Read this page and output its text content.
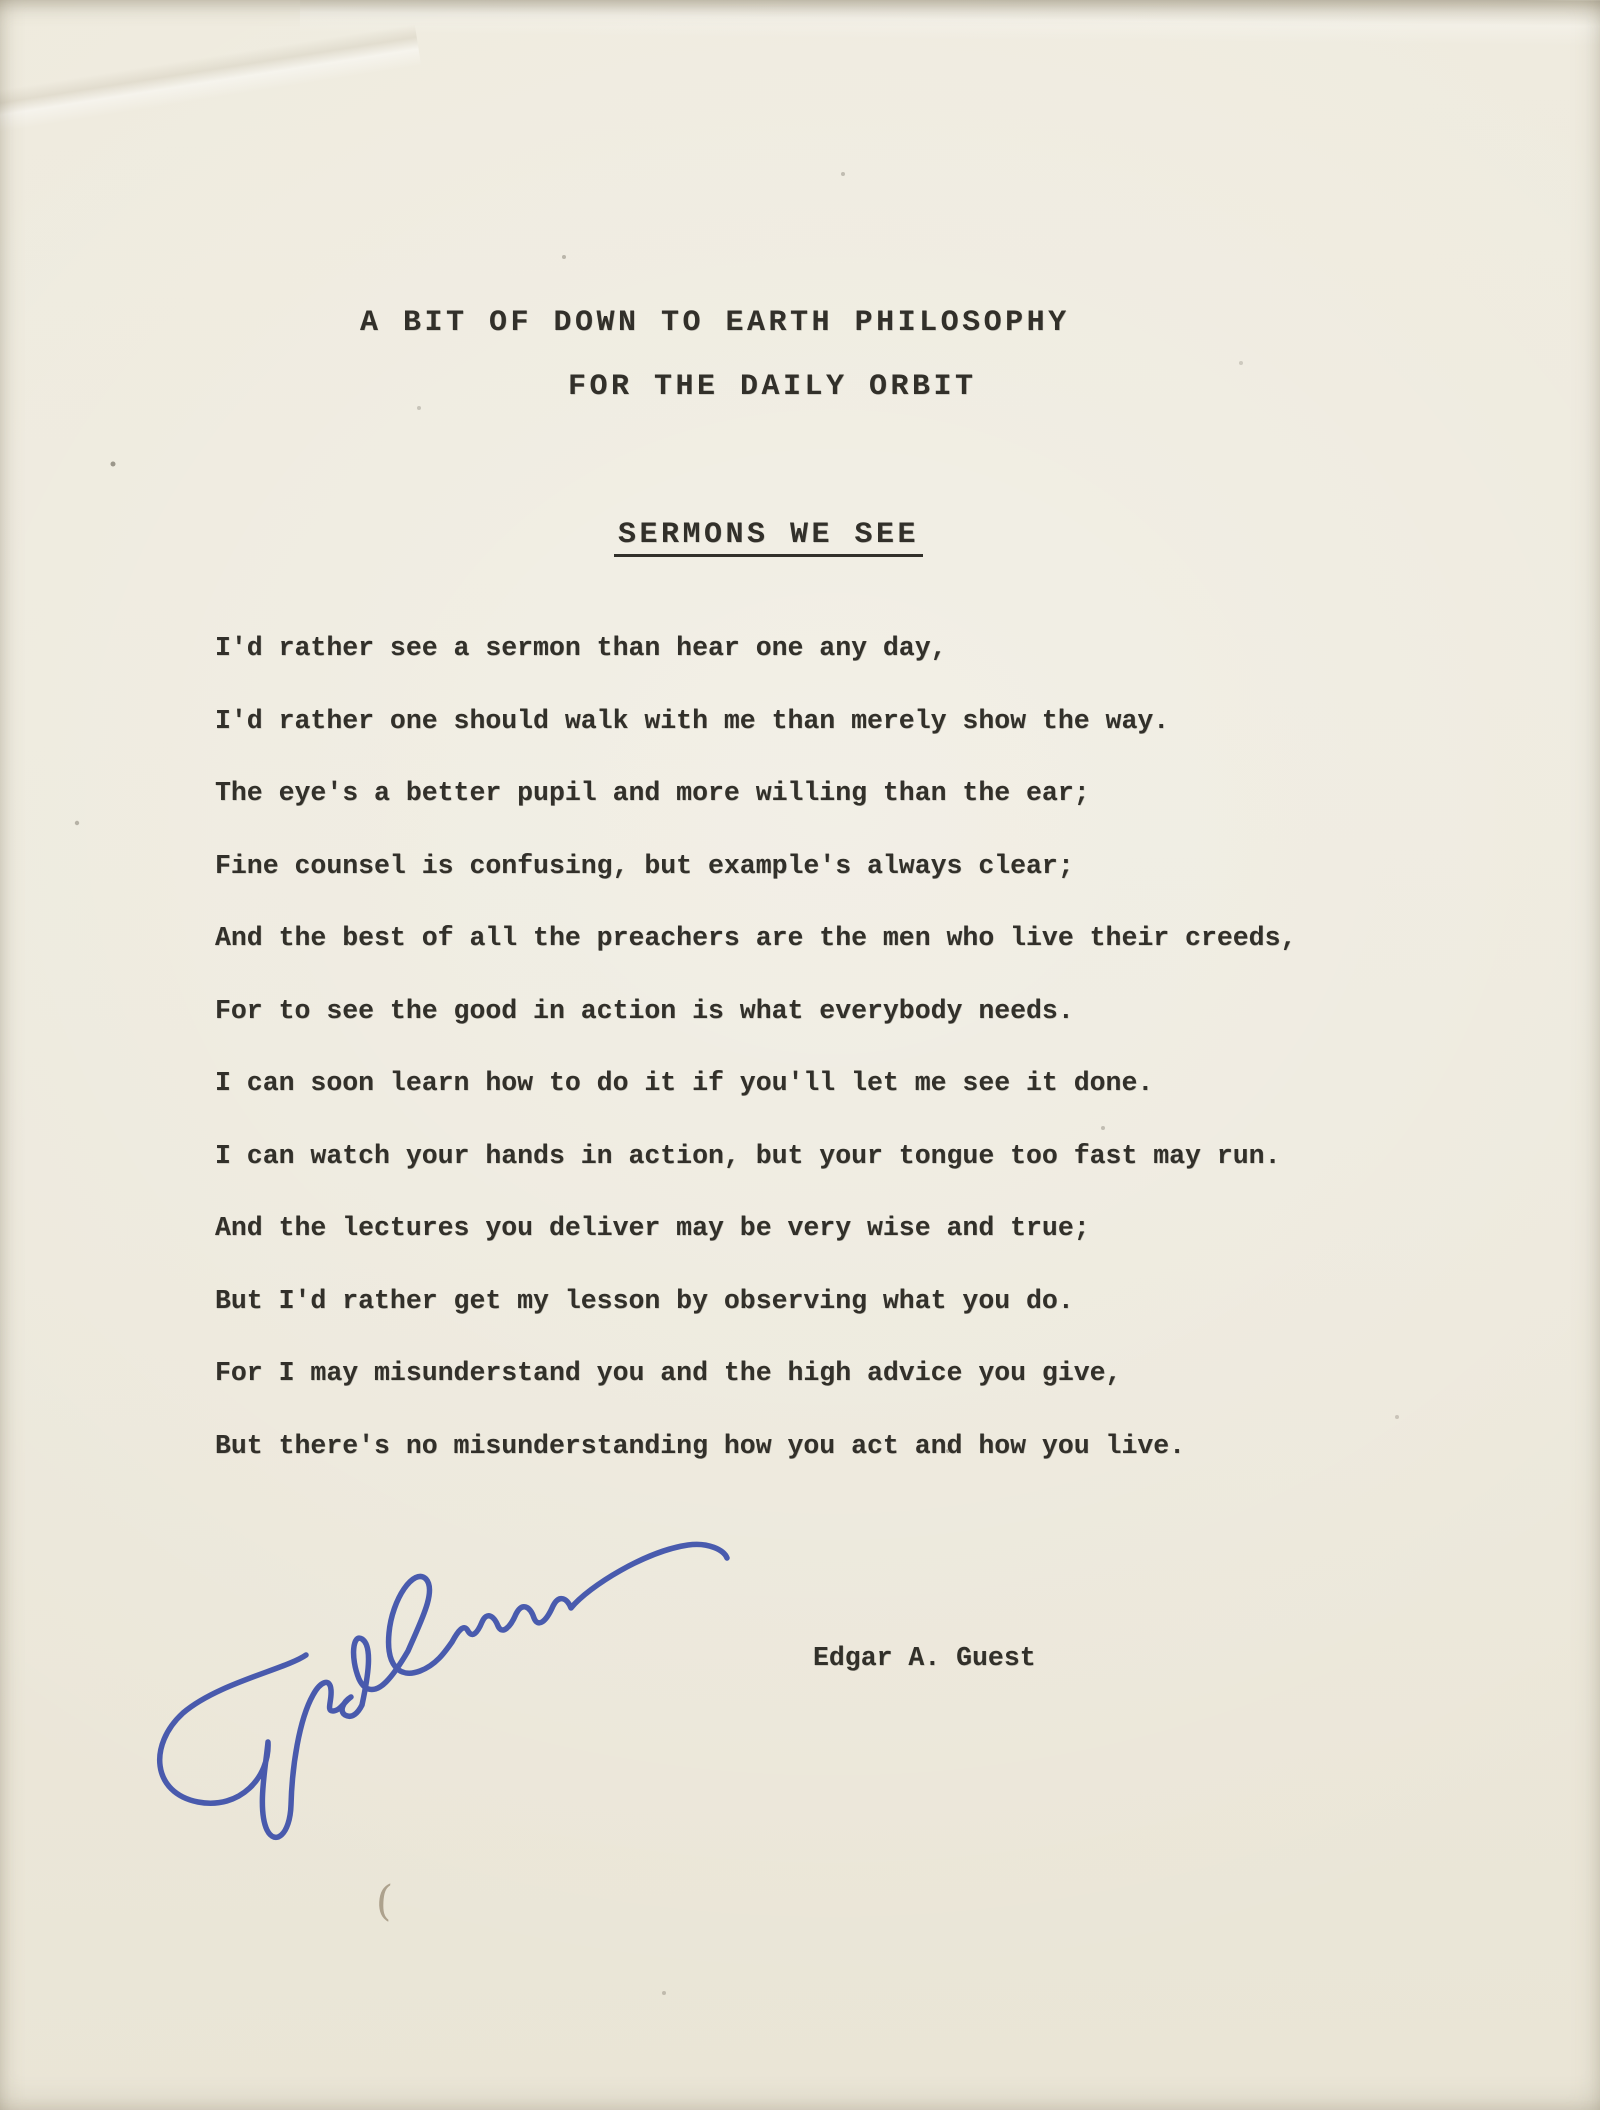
A BIT OF DOWN TO EARTH PHILOSOPHY
FOR THE DAILY ORBIT
SERMONS WE SEE
I'd rather see a sermon than hear one any day,
I'd rather one should walk with me than merely show the way.
The eye's a better pupil and more willing than the ear;
Fine counsel is confusing, but example's always clear;
And the best of all the preachers are the men who live their creeds,
For to see the good in action is what everybody needs.
I can soon learn how to do it if you'll let me see it done.
I can watch your hands in action, but your tongue too fast may run.
And the lectures you deliver may be very wise and true;
But I'd rather get my lesson by observing what you do.
For I may misunderstand you and the high advice you give,
But there's no misunderstanding how you act and how you live.
Edgar A. Guest
(
